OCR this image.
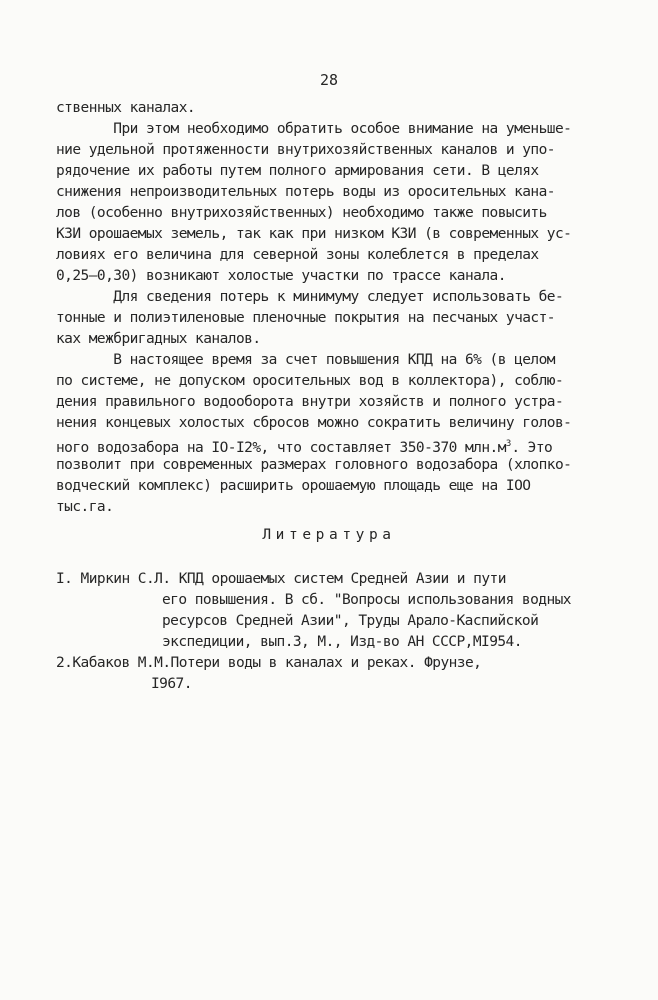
28
ственных каналах.
При этом необходимо обратить особое внимание на уменьше-
ние удельной протяженности внутрихозяйственных каналов и упо-
рядочение их работы путем полного армирования сети. В целях
снижения непроизводительных потерь воды из оросительных кана-
лов (особенно внутрихозяйственных) необходимо также повысить
КЗИ орошаемых земель, так как при низком КЗИ (в современных ус-
ловиях его величина для северной зоны колеблется в пределах
0,25–0,30) возникают холостые участки по трассе канала.
Для сведения потерь к минимуму следует использовать бе-
тонные и полиэтиленовые пленочные покрытия на песчаных участ-
ках межбригадных каналов.
В настоящее время за счет повышения КПД на 6% (в целом
по системе, не допуском оросительных вод в коллектора), соблю-
дения правильного водооборота внутри хозяйств и полного устра-
нения концевых холостых сбросов можно сократить величину голов-
ного водозабора на IO-I2%, что составляет 350-370 $млн.м^3$. Это
позволит при современных размерах головного водозабора (хлопко-
водческий комплекс) расширить орошаемую площадь еще на IOO
тыс.га.
Литература
I. Миркин С.Л. КПД орошаемых систем Средней Азии и пути
его повышения. В сб. "Вопросы использования водных
ресурсов Средней Азии", Труды Арало-Каспийской
экспедиции, вып.3, М., Изд-во АН СССР,МI954.
2.Кабаков М.М.Потери воды в каналах и реках. Фрунзе,
I967.
